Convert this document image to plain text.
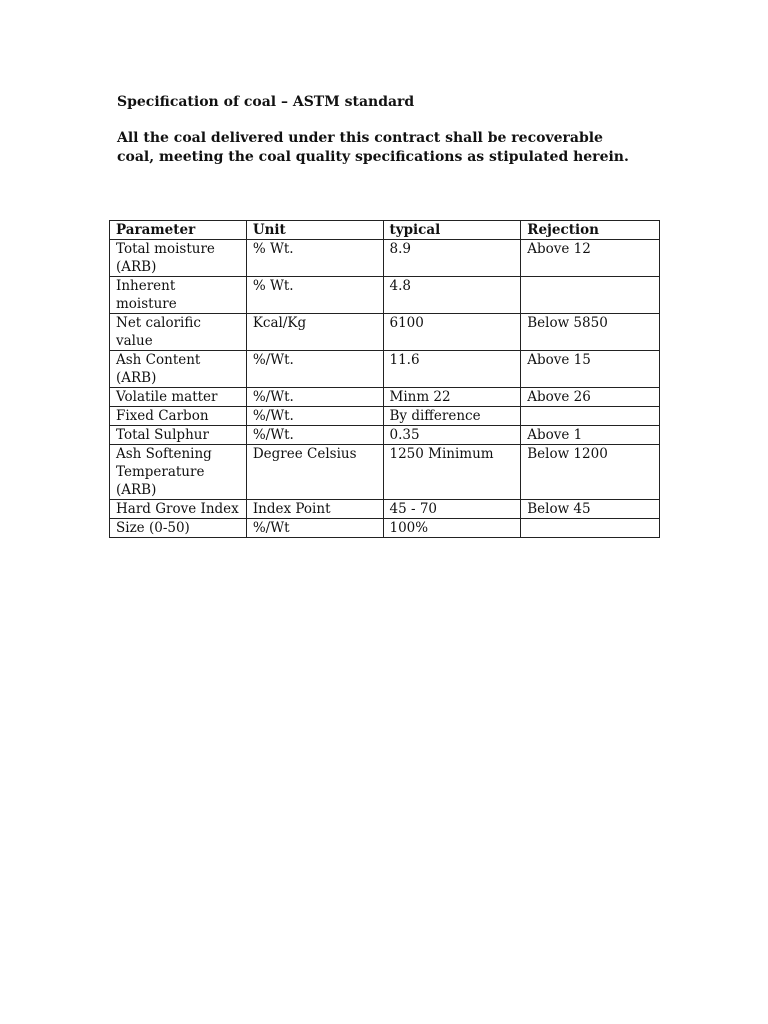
Specification of coal – ASTM standard
All the coal delivered under this contract shall be recoverable
coal, meeting the coal quality specifications as stipulated herein.
Parameter	Unit	typical	Rejection
Total moisture (ARB)	% Wt.	8.9	Above 12
Inherent moisture	% Wt.	4.8	
Net calorific value	Kcal/Kg	6100	Below 5850
Ash Content (ARB)	%/Wt.	11.6	Above 15
Volatile matter	%/Wt.	Minm 22	Above 26
Fixed Carbon	%/Wt.	By difference	
Total Sulphur	%/Wt.	0.35	Above 1
Ash Softening Temperature (ARB)	Degree Celsius	1250 Minimum	Below 1200
Hard Grove Index	Index Point	45 - 70	Below 45
Size (0-50)	%/Wt	100%	
